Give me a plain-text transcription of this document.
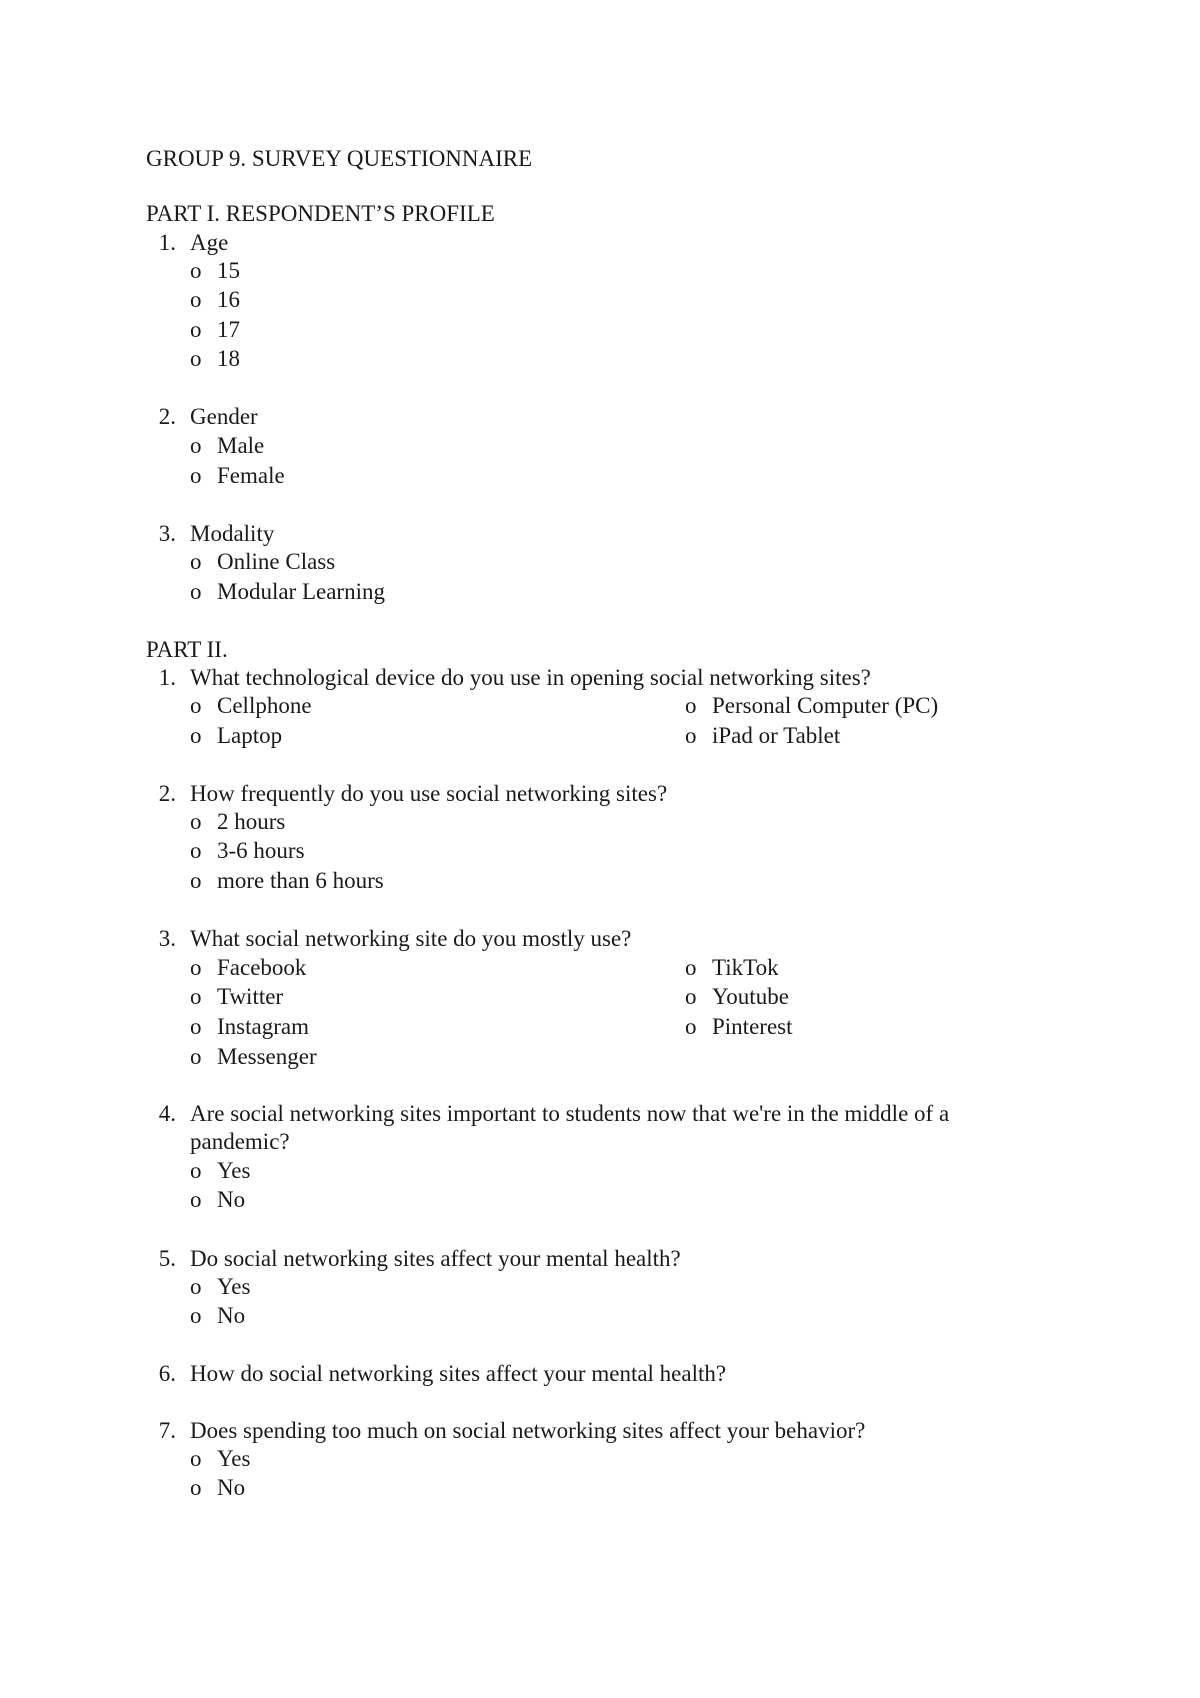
GROUP 9. SURVEY QUESTIONNAIRE
PART I. RESPONDENT’S PROFILE
1. Age
o 15
o 16
o 17
o 18
2. Gender
o Male
o Female
3. Modality
o Online Class
o Modular Learning
PART II.
1. What technological device do you use in opening social networking sites?
o Cellphone
o Laptop
o Personal Computer (PC)
o iPad or Tablet
2. How frequently do you use social networking sites?
o 2 hours
o 3-6 hours
o more than 6 hours
3. What social networking site do you mostly use?
o Facebook
o Twitter
o Instagram
o Messenger
o TikTok
o Youtube
o Pinterest
4. Are social networking sites important to students now that we're in the middle of a
pandemic?
o Yes
o No
5. Do social networking sites affect your mental health?
o Yes
o No
6. How do social networking sites affect your mental health?
7. Does spending too much on social networking sites affect your behavior?
o Yes
o No
